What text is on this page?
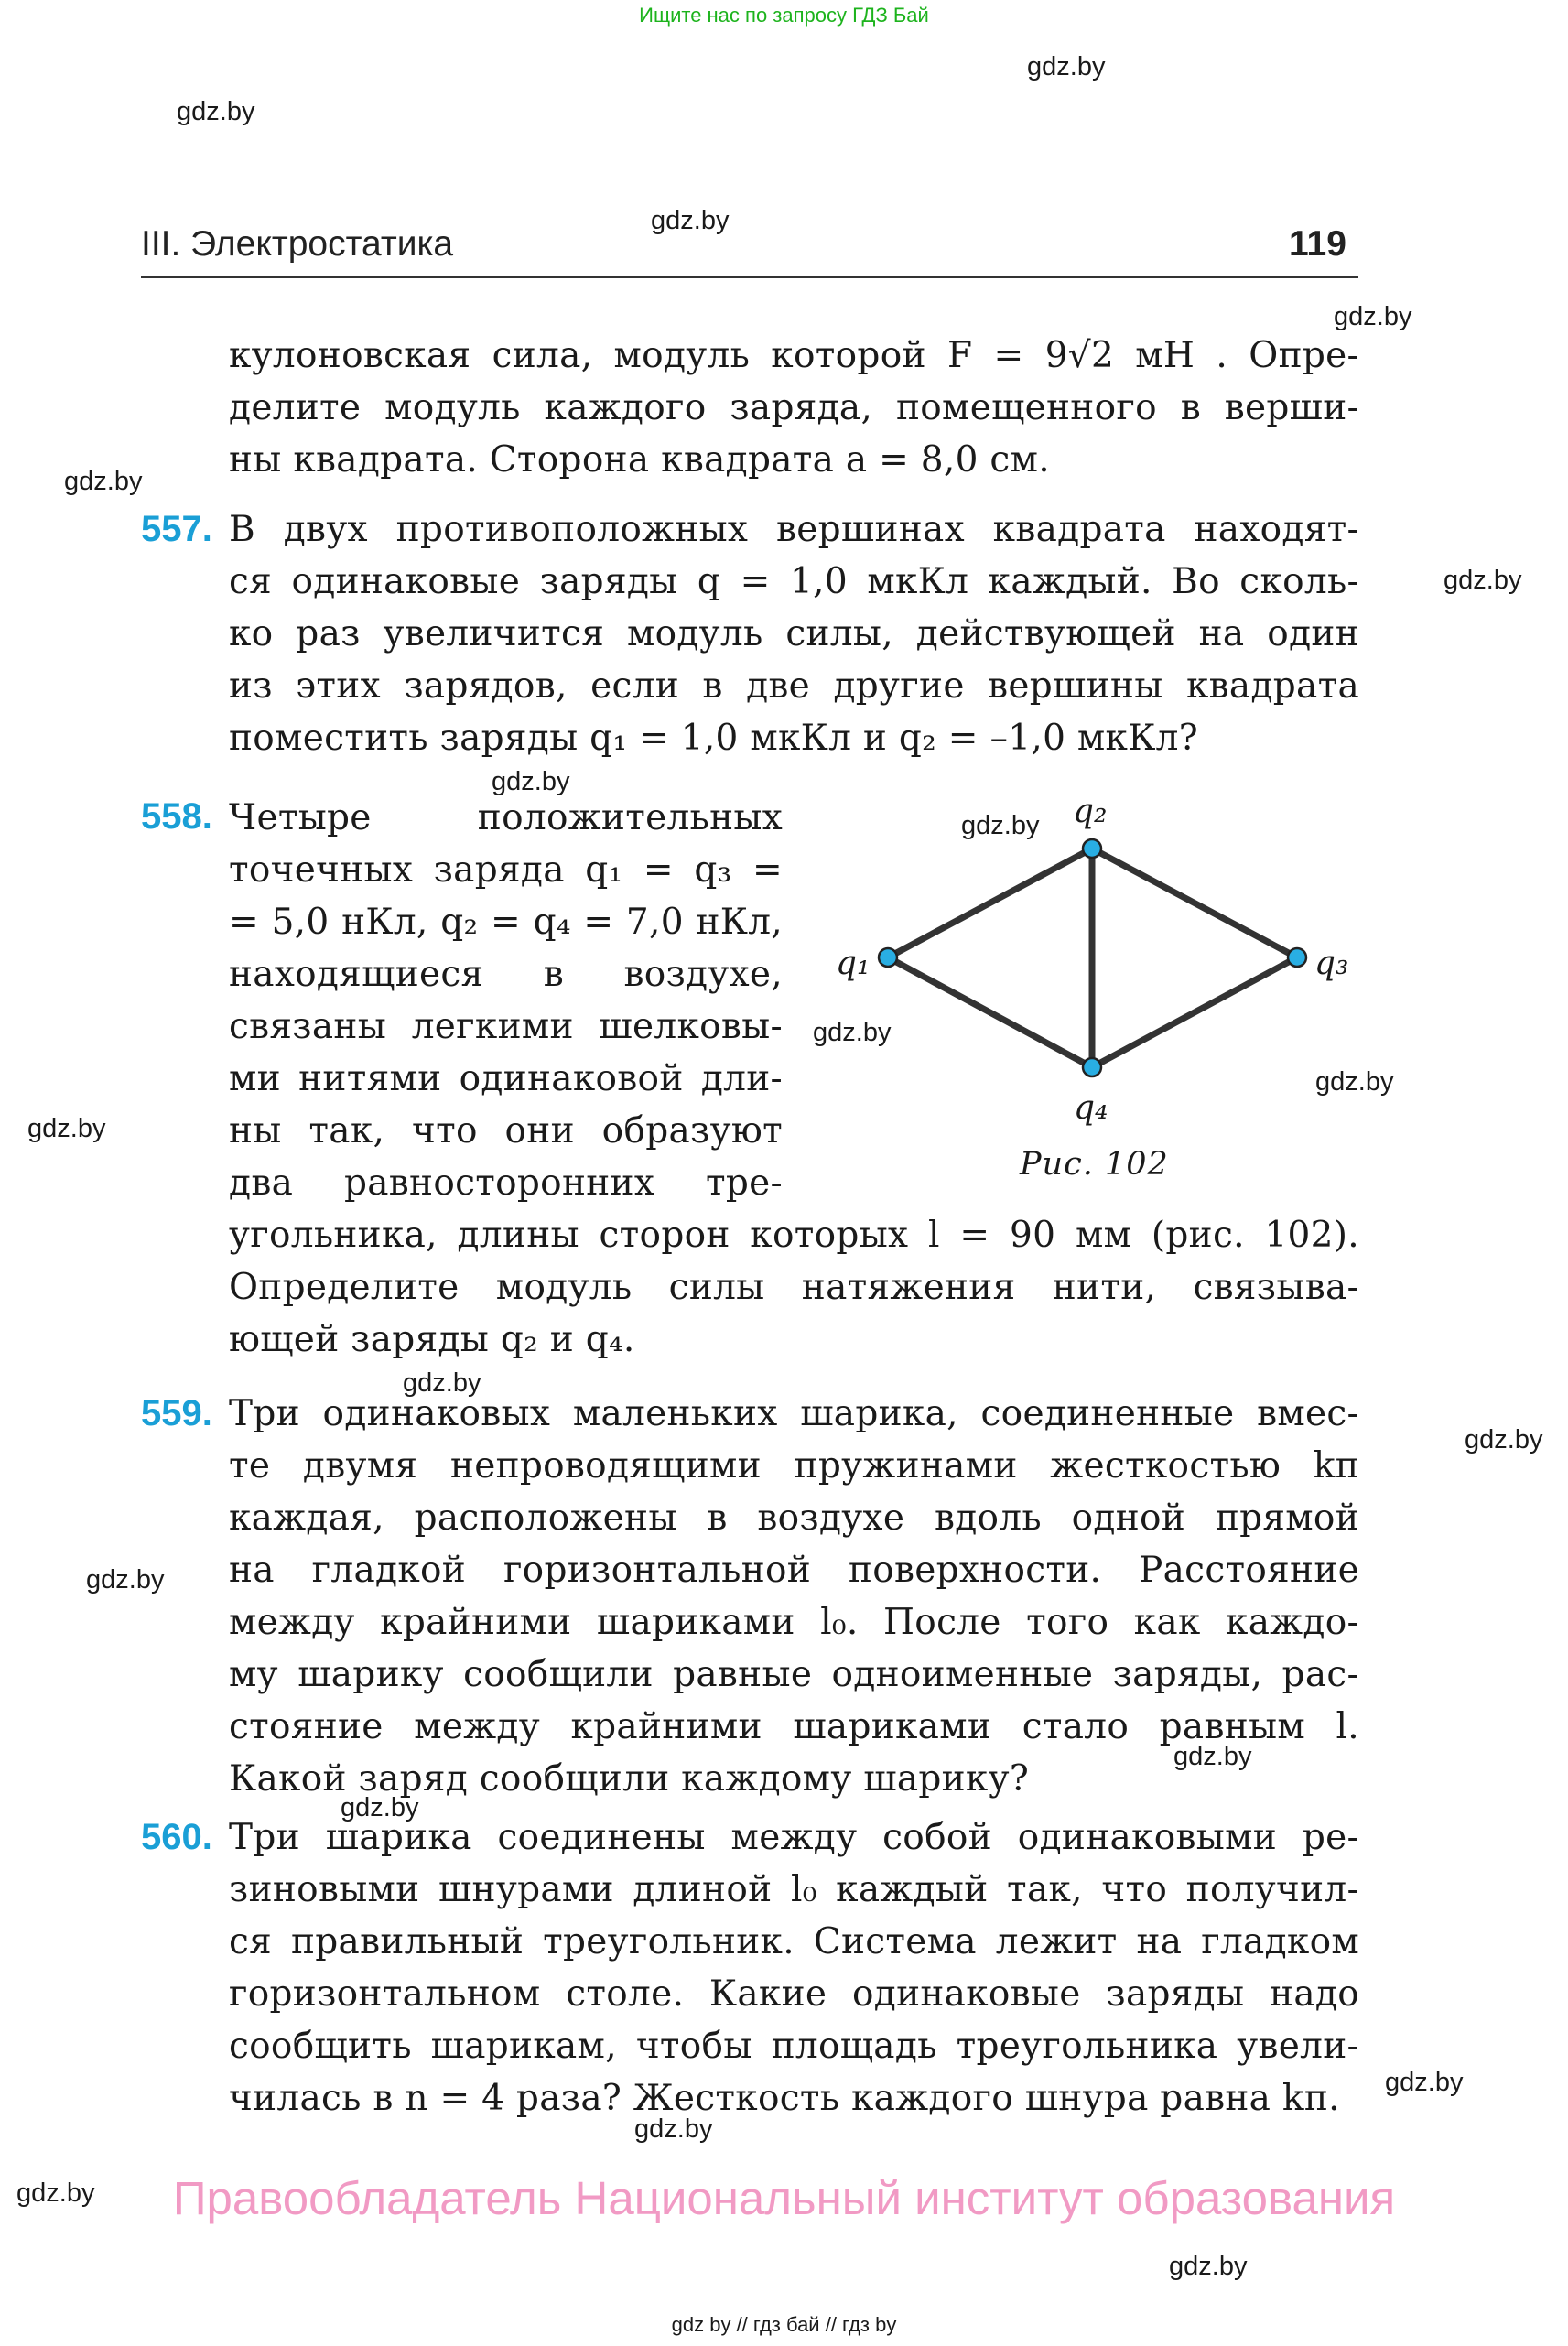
Ищите нас по запросу ГДЗ Бай
gdz.by
gdz.by
gdz.by
gdz.by
gdz.by
gdz.by
gdz.by
gdz.by
gdz.by
gdz.by
gdz.by
gdz.by
gdz.by
gdz.by
gdz.by
gdz.by
gdz.by
gdz.by
gdz.by
gdz.by
III. Электростатика	119
кулоновская сила, модуль которой F = 9√2 мН . Опре-
делите модуль каждого заряда, помещенного в верши-
ны квадрата. Сторона квадрата a = 8,0 см.
557. В двух противоположных вершинах квадрата находят-
ся одинаковые заряды q = 1,0 мкКл каждый. Во сколь-
ко раз увеличится модуль силы, действующей на один
из этих зарядов, если в две другие вершины квадрата
поместить заряды q₁ = 1,0 мкКл и q₂ = –1,0 мкКл?
558. Четыре положительных
точечных заряда q₁ = q₃ =
= 5,0 нКл, q₂ = q₄ = 7,0 нКл,
находящиеся в воздухе,
связаны легкими шелковы-
ми нитями одинаковой дли-
ны так, что они образуют
два равносторонних тре-
угольника, длины сторон которых l = 90 мм (рис. 102).
Определите модуль силы натяжения нити, связыва-
ющей заряды q₂ и q₄.
q₁
q₂
q₃
q₄
Рис. 102
559. Три одинаковых маленьких шарика, соединенные вмес-
те двумя непроводящими пружинами жесткостью kп
каждая, расположены в воздухе вдоль одной прямой
на гладкой горизонтальной поверхности. Расстояние
между крайними шариками l₀. После того как каждо-
му шарику сообщили равные одноименные заряды, рас-
стояние между крайними шариками стало равным l.
Какой заряд сообщили каждому шарику?
560. Три шарика соединены между собой одинаковыми ре-
зиновыми шнурами длиной l₀ каждый так, что получил-
ся правильный треугольник. Система лежит на гладком
горизонтальном столе. Какие одинаковые заряды надо
сообщить шарикам, чтобы площадь треугольника увели-
чилась в n = 4 раза? Жесткость каждого шнура равна kп.
Правообладатель Национальный институт образования
gdz by // гдз бай // гдз by
